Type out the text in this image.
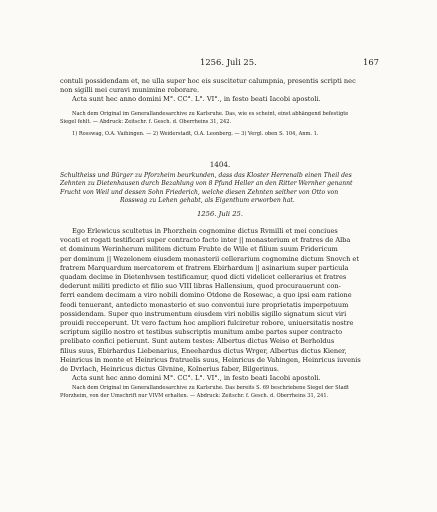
1256. Juli 25.	167
contuli possidendam et, ne ulla super hoc eis suscitetur calumpnia, presentis scripti nec
non sigilli mei curavi munimine roborare.
Acta sunt hec anno domini M°. CC°. L°. VI°., in festo beati Iacobi apostoli.
Nach dem Original im Generallandesarchive zu Karlsruhe. Das, wie es scheint, einst abhängend befestigte
Siegel fehlt. — Abdruck: Zeitschr. f. Gesch. d. Oberrheins 31, 242.
1) Rosswag, O.A. Vaihingen. — 2) Weiderstadt, O.A. Leonberg. — 3) Vergl. oben S. 104, Anm. 1.
1404.
Schultheiss und Bürger zu Pforzheim beurkunden, dass das Kloster Herrenalb einen Theil des
Zehnten zu Dietenhausen durch Bezahlung von 8 Pfund Heller an den Ritter Wernher genannt
Frucht von Weil und dessen Sohn Friederich, welche diesen Zehnten seither von Otto von
Rosswag zu Lehen gehabt, als Eigenthum erworben hat.
1256. Juli 25.
Ego Erlewicus scultetus in Phorzhein cognomine dictus Rvmilli et mei conciues
vocati et rogati testificari super contracto facto inter || monasterium et fratres de Alba
et dominum Werinherum militem dictum Frubte de Wile et filium suum Fridericum
per dominum || Wezelonem eiusdem monasterii cellerarium cognomine dictum Snovch et
fratrem Marquardum mercatorem et fratrem Ebirhardum || asinarium super particula
quadam decime in Dietenhvsen testificamur, quod dicti videlicet cellerarius et fratres
dederunt militi predicto et filio suo VIII libras Hallensium, quod procurauerunt con-
ferri eandem decimam a viro nobili domino Otdone de Rosewac, a quo ipsi eam ratione
feodi tenuerant, antedicto monasterio et suo conventui iure proprietatis imperpetuum
possidendam. Super quo instrumentum eiusdem viri nobilis sigillo signatum sicut viri
prouidi recceperunt. Ut vero factum hoc ampliori fulciretur robore, uniuersitatis nostre
scriptum sigillo nostro et testibus subscriptis munitum ambe partes super contracto
prelibato confici petierunt. Sunt autem testes: Albertus dictus Weiso et Berholdus
filius suus, Ebirhardus Liebenarius, Eneehardus dictus Wrger, Albertus dictus Kiener,
Heinricus in monte et Heinricus fratruelis suus, Heinricus de Vahingen, Heinricus iuvenis
de Dvrlach, Heinricus dictus Glvnine, Kolnerius faber, Bilgerinus.
Acta sunt hec anno domini M°. CC°. L°. VI°., in festo beati Iacobi apostoli.
Nach dem Original im Generallandesarchive zu Karlsruhe. Das bereits S. 69 beschriebene Siegel der Stadt
Pforzheim, von der Umschrift nur VIVM erhalten. — Abdruck: Zeitschr. f. Gesch. d. Oberrheins 31, 241.
